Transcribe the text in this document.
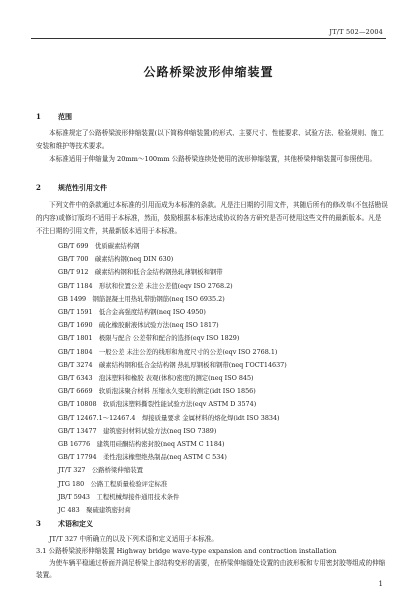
JT/T 502—2004
公路桥梁波形伸缩装置
1 范围
本标准规定了公路桥梁波形伸缩装置(以下简称伸缩装置)的形式、主要尺寸、性能要求、试验方法、检验规则、施工安装和维护等技术要求。
本标准适用于伸缩量为 20mm～100mm 公路桥梁连续处使用的波形伸缩装置，其他桥梁伸缩装置可参照使用。
2 规范性引用文件
下列文件中的条款通过本标准的引用而成为本标准的条款。凡是注日期的引用文件，其随后所有的修改单(不包括勘误的内容)或修订版均不适用于本标准，然而，鼓励根据本标准达成协议的各方研究是否可使用这些文件的最新版本。凡是不注日期的引用文件，其最新版本适用于本标准。
GB/T 699　优质碳素结构钢
GB/T 700　碳素结构钢(neq DIN 630)
GB/T 912　碳素结构钢和低合金结构钢热轧薄钢板和钢带
GB/T 1184　形状和位置公差 未注公差值(eqv ISO 2768.2)
GB 1499　钢筋混凝土用热轧带肋钢筋(neq ISO 6935.2)
GB/T 1591　低合金高强度结构钢(neq ISO 4950)
GB/T 1690　硫化橡胶耐液体试验方法(neq ISO 1817)
GB/T 1801　极限与配合 公差带和配合的选择(eqv ISO 1829)
GB/T 1804　一般公差 未注公差的线形和角度尺寸的公差(eqv ISO 2768.1)
GB/T 3274　碳素结构钢和低合金结构钢 热轧厚钢板和钢带(neq ГОСТ14637)
GB/T 6343　泡沫塑料和橡胶 表观(体积)密度的测定(neq ISO 845)
GB/T 6669　软质泡沫聚合材料 压缩永久变形的测定(idt ISO 1856)
GB/T 10808　软质泡沫塑料撕裂性能试验方法(eqv ASTM D 3574)
GB/T 12467.1～12467.4　焊接质量要求 金属材料的熔化焊(idt ISO 3834)
GB/T 13477　建筑密封材料试验方法(neq ISO 7389)
GB 16776　建筑用硅酮结构密封胶(neq ASTM C 1184)
GB/T 17794　柔性泡沫橡塑绝热制品(neq ASTM C 534)
JT/T 327　公路桥梁伸缩装置
JTG 180　公路工程质量检验评定标准
JB/T 5943　工程机械焊接件通用技术条件
JC 483　聚硫建筑密封膏
3 术语和定义
JT/T 327 中所确立的以及下列术语和定义适用于本标准。
3.1 公路桥梁波形伸缩装置 Highway bridge wave-type expansion and contraction installation
为使车辆平稳通过桥面并满足桥梁上部结构变形的需要，在桥梁伸缩缝处设置的由波形板和专用密封胶等组成的伸缩装置。
1
